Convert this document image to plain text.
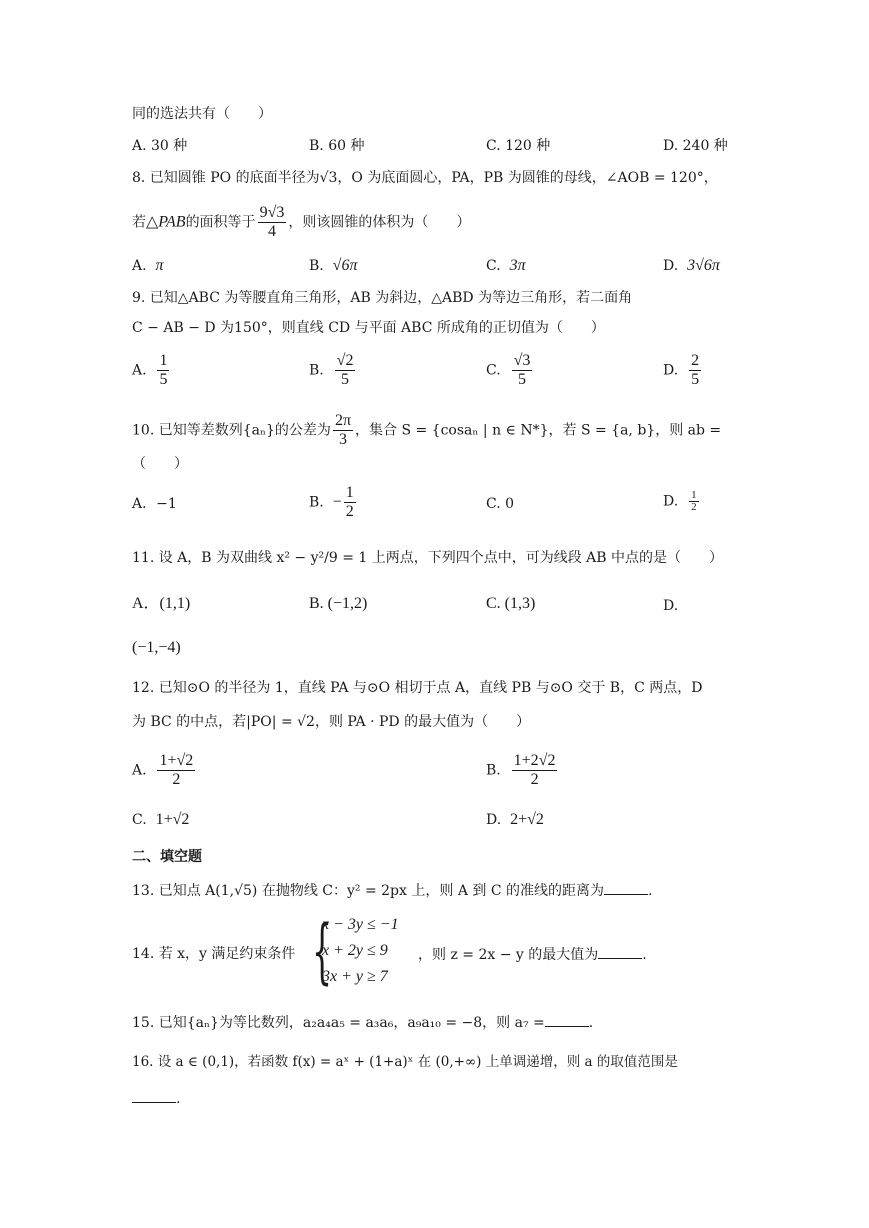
同的选法共有（　　）
A. 30 种	B. 60 种	C. 120 种	D. 240 种
8. 已知圆锥 PO 的底面半径为√3，O 为底面圆心，PA，PB 为圆锥的母线，∠AOB = 120°，
若△PAB的面积等于 $\frac{9√3}{4}$ ，则该圆锥的体积为（　　）
A. π	B. √6π	C. 3π	D. 3√6π
9. 已知△ABC 为等腰直角三角形，AB 为斜边，△ABD 为等边三角形，若二面角
C − AB − D 为150°，则直线 CD 与平面 ABC 所成角的正切值为（　　）
A. $\frac{1}{5}$	B. $\frac{√2}{5}$	C. $\frac{√3}{5}$	D. $\frac{2}{5}$
10. 已知等差数列{aₙ}的公差为 $\frac{2\pi}{3}$ ，集合 S = {cosaₙ | n ∈ N*}，若 S = {a, b}，则 ab =
（　　）
A．−1	B. − $\frac{1}{2}$	C. 0	D. $\frac{1}{2}$
11. 设 A，B 为双曲线 x² − y²/9 = 1 上两点，下列四个点中，可为线段 AB 中点的是（　　）
A．(1,1)	B. (−1,2)	C. (1,3)	D.
(−1,−4)
12. 已知⊙O 的半径为 1，直线 PA 与⊙O 相切于点 A，直线 PB 与⊙O 交于 B，C 两点，D
为 BC 的中点，若|PO| = √2，则 PA · PD 的最大值为（　　）
A. $\frac{1+√2}{2}$	B. $\frac{1+2√2}{2}$
C. 1+√2	D. 2+√2
二、填空题
13. 已知点 A(1,√5) 在抛物线 C：y² = 2px 上，则 A 到 C 的准线的距离为	.
14. 若 x，y 满足约束条件 {
x − 3y ≤ −1
x + 2y ≤ 9
3x + y ≥ 7
，则 z = 2x − y 的最大值为	.
15. 已知{aₙ}为等比数列，a₂a₄a₅ = a₃a₆，a₉a₁₀ = −8，则 a₇ =	.
16. 设 a ∈ (0,1)，若函数 f(x) = aˣ + (1+a)ˣ 在 (0,+∞) 上单调递增，则 a 的取值范围是
.
